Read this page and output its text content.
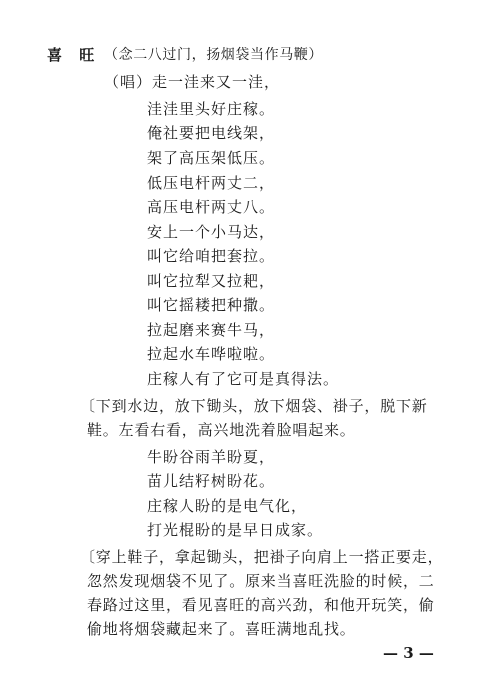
喜 旺 （念二八过门，扬烟袋当作马鞭）
（唱）走一洼来又一洼，
洼洼里头好庄稼。
俺社要把电线架，
架了高压架低压。
低压电杆两丈二，
高压电杆两丈八。
安上一个小马达，
叫它给咱把套拉。
叫它拉犁又拉耙，
叫它摇耧把种撒。
拉起磨来赛牛马，
拉起水车哗啦啦。
庄稼人有了它可是真得法。
〔下到水边，放下锄头，放下烟袋、褂子，脱下新
鞋。左看右看，高兴地洗着脸唱起来。
牛盼谷雨羊盼夏，
苗儿结籽树盼花。
庄稼人盼的是电气化，
打光棍盼的是早日成家。
〔穿上鞋子，拿起锄头，把褂子向肩上一搭正要走，
忽然发现烟袋不见了。原来当喜旺洗脸的时候，二
春路过这里，看见喜旺的高兴劲，和他开玩笑，偷
偷地将烟袋藏起来了。喜旺满地乱找。
— 3 —
